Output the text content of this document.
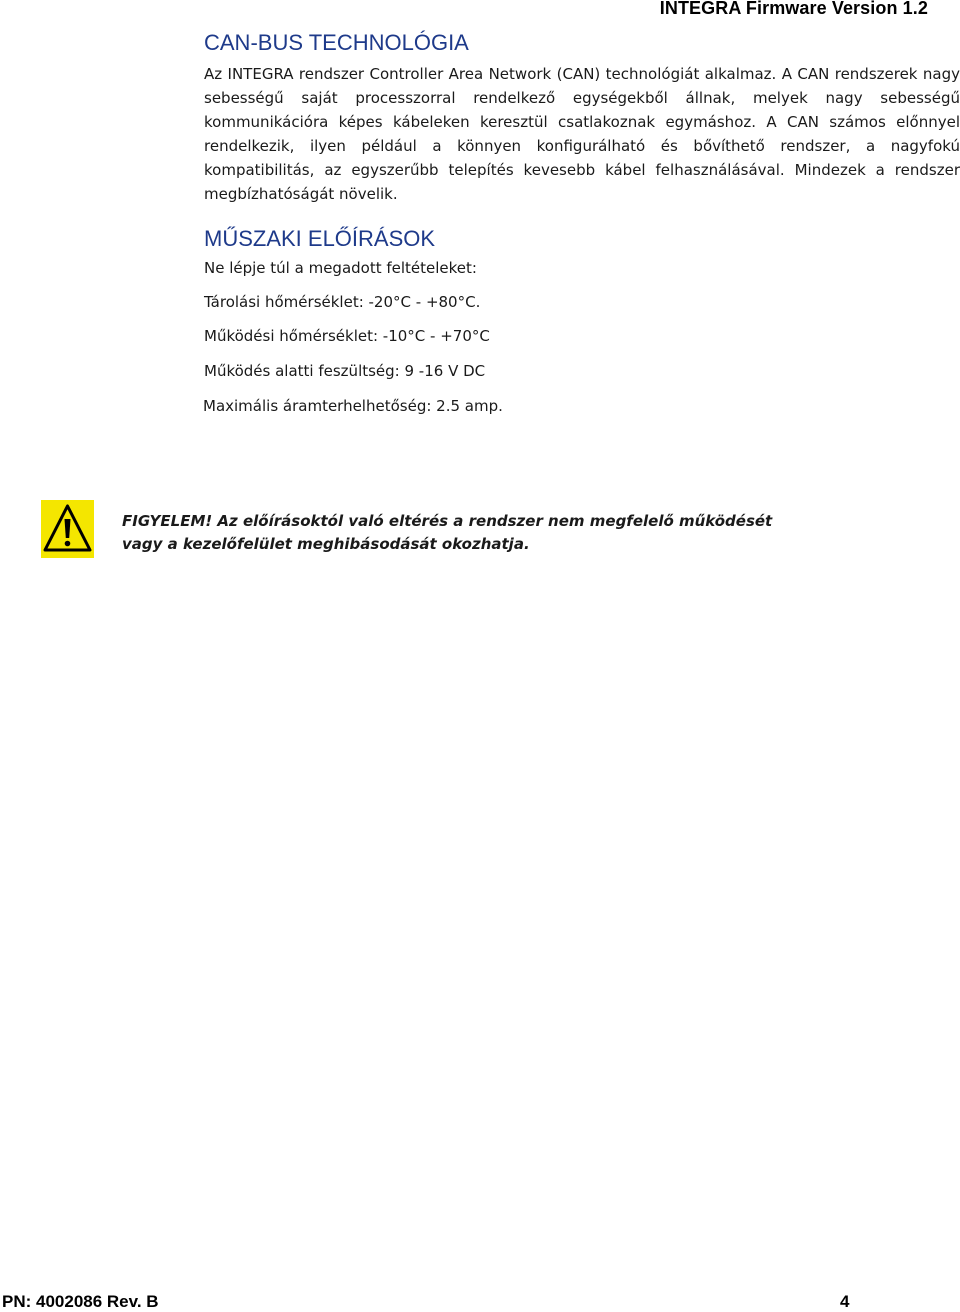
INTEGRA Firmware Version 1.2
CAN-BUS TECHNOLÓGIA

Az INTEGRA rendszer Controller Area Network (CAN) technológiát alkalmaz. A CAN rendszerek nagy sebességű saját processzorral rendelkező egységekből állnak, melyek nagy sebességű kommunikációra képes kábeleken keresztül csatlakoznak egymáshoz. A CAN számos előnnyel rendelkezik, ilyen például a könnyen konfigurálható és bővíthető rendszer, a nagyfokú kompatibilitás, az egyszerűbb telepítés kevesebb kábel felhasználásával. Mindezek a rendszer megbízhatóságát növelik.

MŰSZAKI ELŐÍRÁSOK

Ne lépje túl a megadott feltételeket:

Tárolási hőmérséklet: -20°C - +80°C.

Működési hőmérséklet: -10°C - +70°C

Működés alatti feszültség: 9 -16 V DC

Maximális áramterhelhetőség: 2.5 amp.

FIGYELEM! Az előírásoktól való eltérés a rendszer nem megfelelő működését vagy a kezelőfelület meghibásodását okozhatja.

PN: 4002086 Rev. B	4
